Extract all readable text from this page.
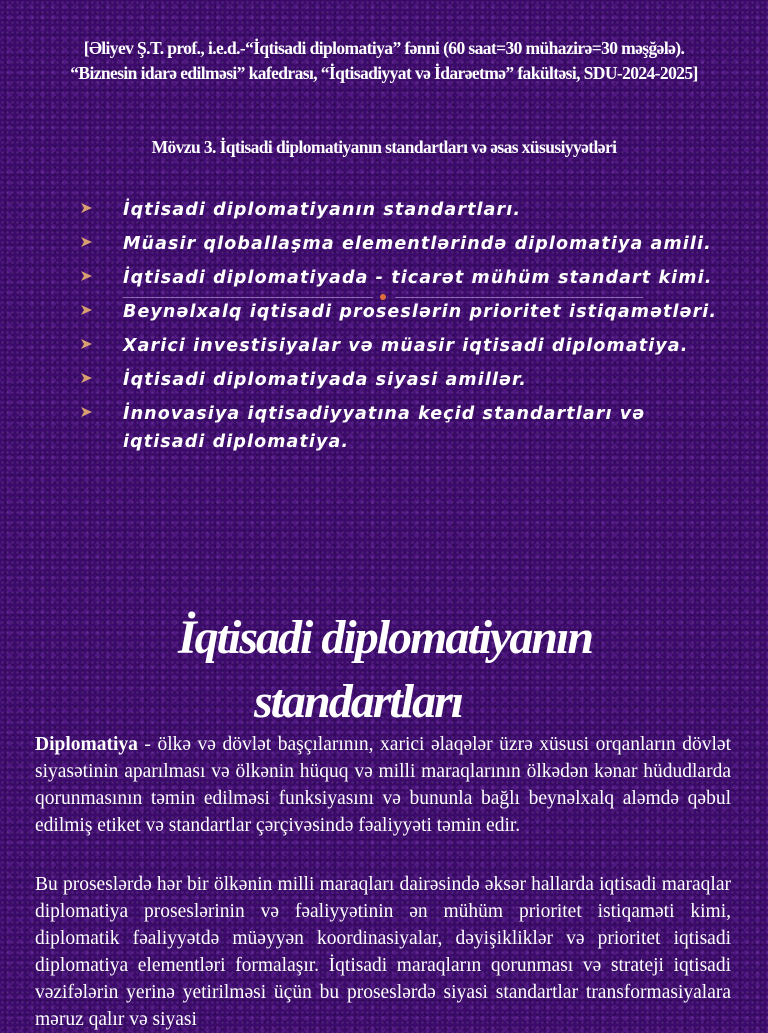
[Əliyev Ş.T. prof., i.e.d.-“İqtisadi diplomatiya” fənni (60 saat=30 mühazirə=30 məşğələ). “Biznesin idarə edilməsi” kafedrası, “İqtisadiyyat və İdarəetmə” fakültəsi, SDU-2024-2025]
Mövzu 3. İqtisadi diplomatiyanın standartları və əsas xüsusiyyətləri
İqtisadi diplomatiyanın standartları.
Müasir qloballaşma elementlərində diplomatiya amili.
İqtisadi diplomatiyada - ticarət mühüm standart kimi.
Beynəlxalq iqtisadi proseslərin prioritet istiqamətləri.
Xarici investisiyalar və müasir iqtisadi diplomatiya.
İqtisadi diplomatiyada siyasi amillər.
İnnovasiya iqtisadiyyatına keçid standartları və iqtisadi diplomatiya.
İqtisadi diplomatiyanın
standartları

Diplomatiya - ölkə və dövlət başçılarının, xarici əlaqələr üzrə xüsusi orqanların dövlət siyasətinin aparılması və ölkənin hüquq və milli maraqlarının ölkədən kənar hüdudlarda qorunmasının təmin edilməsi funksiyasını və bununla bağlı beynəlxalq aləmdə qəbul edilmiş etiket və standartlar çərçivəsində fəaliyyəti təmin edir.

Bu proseslərdə hər bir ölkənin milli maraqları dairəsində əksər hallarda iqtisadi maraqlar diplomatiya proseslərinin və fəaliyyətinin ən mühüm prioritet istiqaməti kimi, diplomatik fəaliyyətdə müəyyən koordinasiyalar, dəyişikliklər və prioritet iqtisadi diplomatiya elementləri formalaşır. İqtisadi maraqların qorunması və strateji iqtisadi vəzifələrin yerinə yetirilməsi üçün bu proseslərdə siyasi standartlar transformasiyalara məruz qalır və siyasi
